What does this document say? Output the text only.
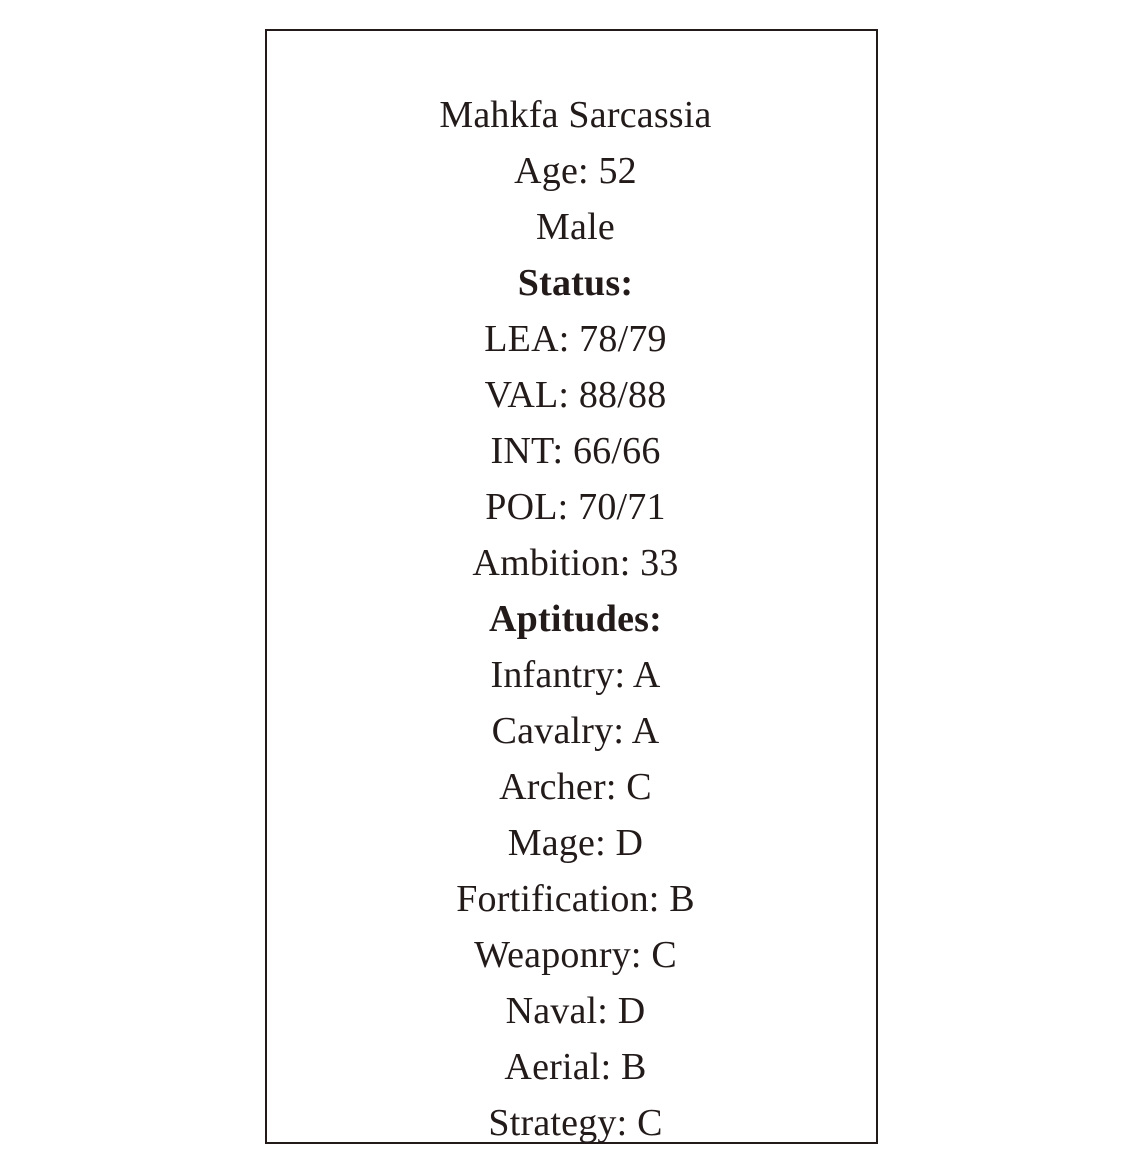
Mahkfa Sarcassia
Age: 52
Male
Status:
LEA: 78/79
VAL: 88/88
INT: 66/66
POL: 70/71
Ambition: 33
Aptitudes:
Infantry: A
Cavalry: A
Archer: C
Mage: D
Fortification: B
Weaponry: C
Naval: D
Aerial: B
Strategy: C
